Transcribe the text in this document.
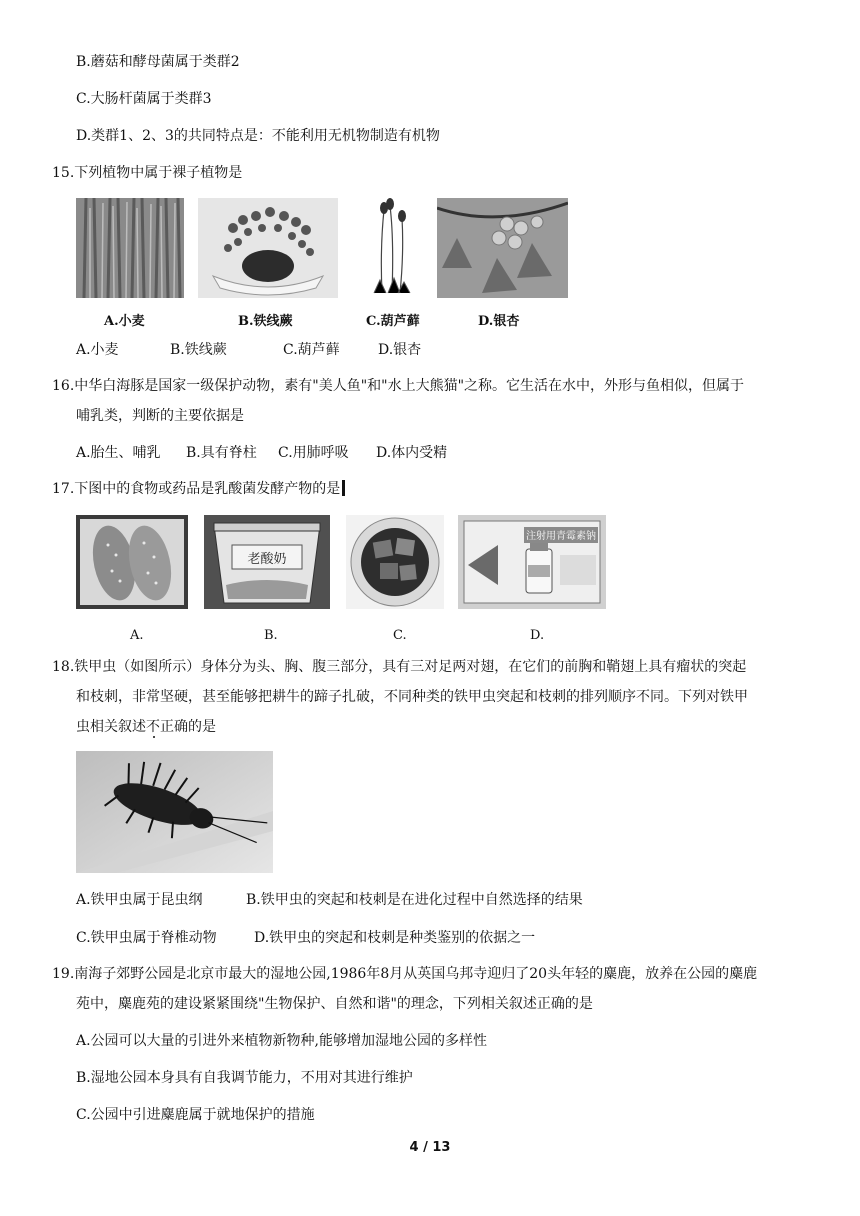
B.蘑菇和酵母菌属于类群2
C.大肠杆菌属于类群3
D.类群1、2、3的共同特点是：不能利用无机物制造有机物
15.下列植物中属于裸子植物是
A.小麦	B.铁线蕨	C.葫芦藓	D.银杏
A.小麦	B.铁线蕨	C.葫芦藓	D.银杏
16.中华白海豚是国家一级保护动物，素有"美人鱼"和"水上大熊猫"之称。它生活在水中，外形与鱼相似，但属于
哺乳类，判断的主要依据是
A.胎生、哺乳 B.具有脊柱 C.用肺呼吸 D.体内受精
17.下图中的食物或药品是乳酸菌发酵产物的是
老酸奶
注射用青霉素钠
A.	B.	C.	D.
18.铁甲虫（如图所示）身体分为头、胸、腹三部分，具有三对足两对翅，在它们的前胸和鞘翅上具有瘤状的突起
和枝刺，非常坚硬，甚至能够把耕牛的蹄子扎破，不同种类的铁甲虫突起和枝刺的排列顺序不同。下列对铁甲
虫相关叙述不正确的是
A.铁甲虫属于昆虫纲	B.铁甲虫的突起和枝刺是在进化过程中自然选择的结果
C.铁甲虫属于脊椎动物	D.铁甲虫的突起和枝刺是种类鉴别的依据之一
19.南海子郊野公园是北京市最大的湿地公园,1986年8月从英国乌邦寺迎归了20头年轻的麋鹿，放养在公园的麋鹿
苑中，麋鹿苑的建设紧紧围绕"生物保护、自然和谐"的理念，下列相关叙述正确的是
A.公园可以大量的引进外来植物新物种,能够增加湿地公园的多样性
B.湿地公园本身具有自我调节能力，不用对其进行维护
C.公园中引进麋鹿属于就地保护的措施
4 / 13
